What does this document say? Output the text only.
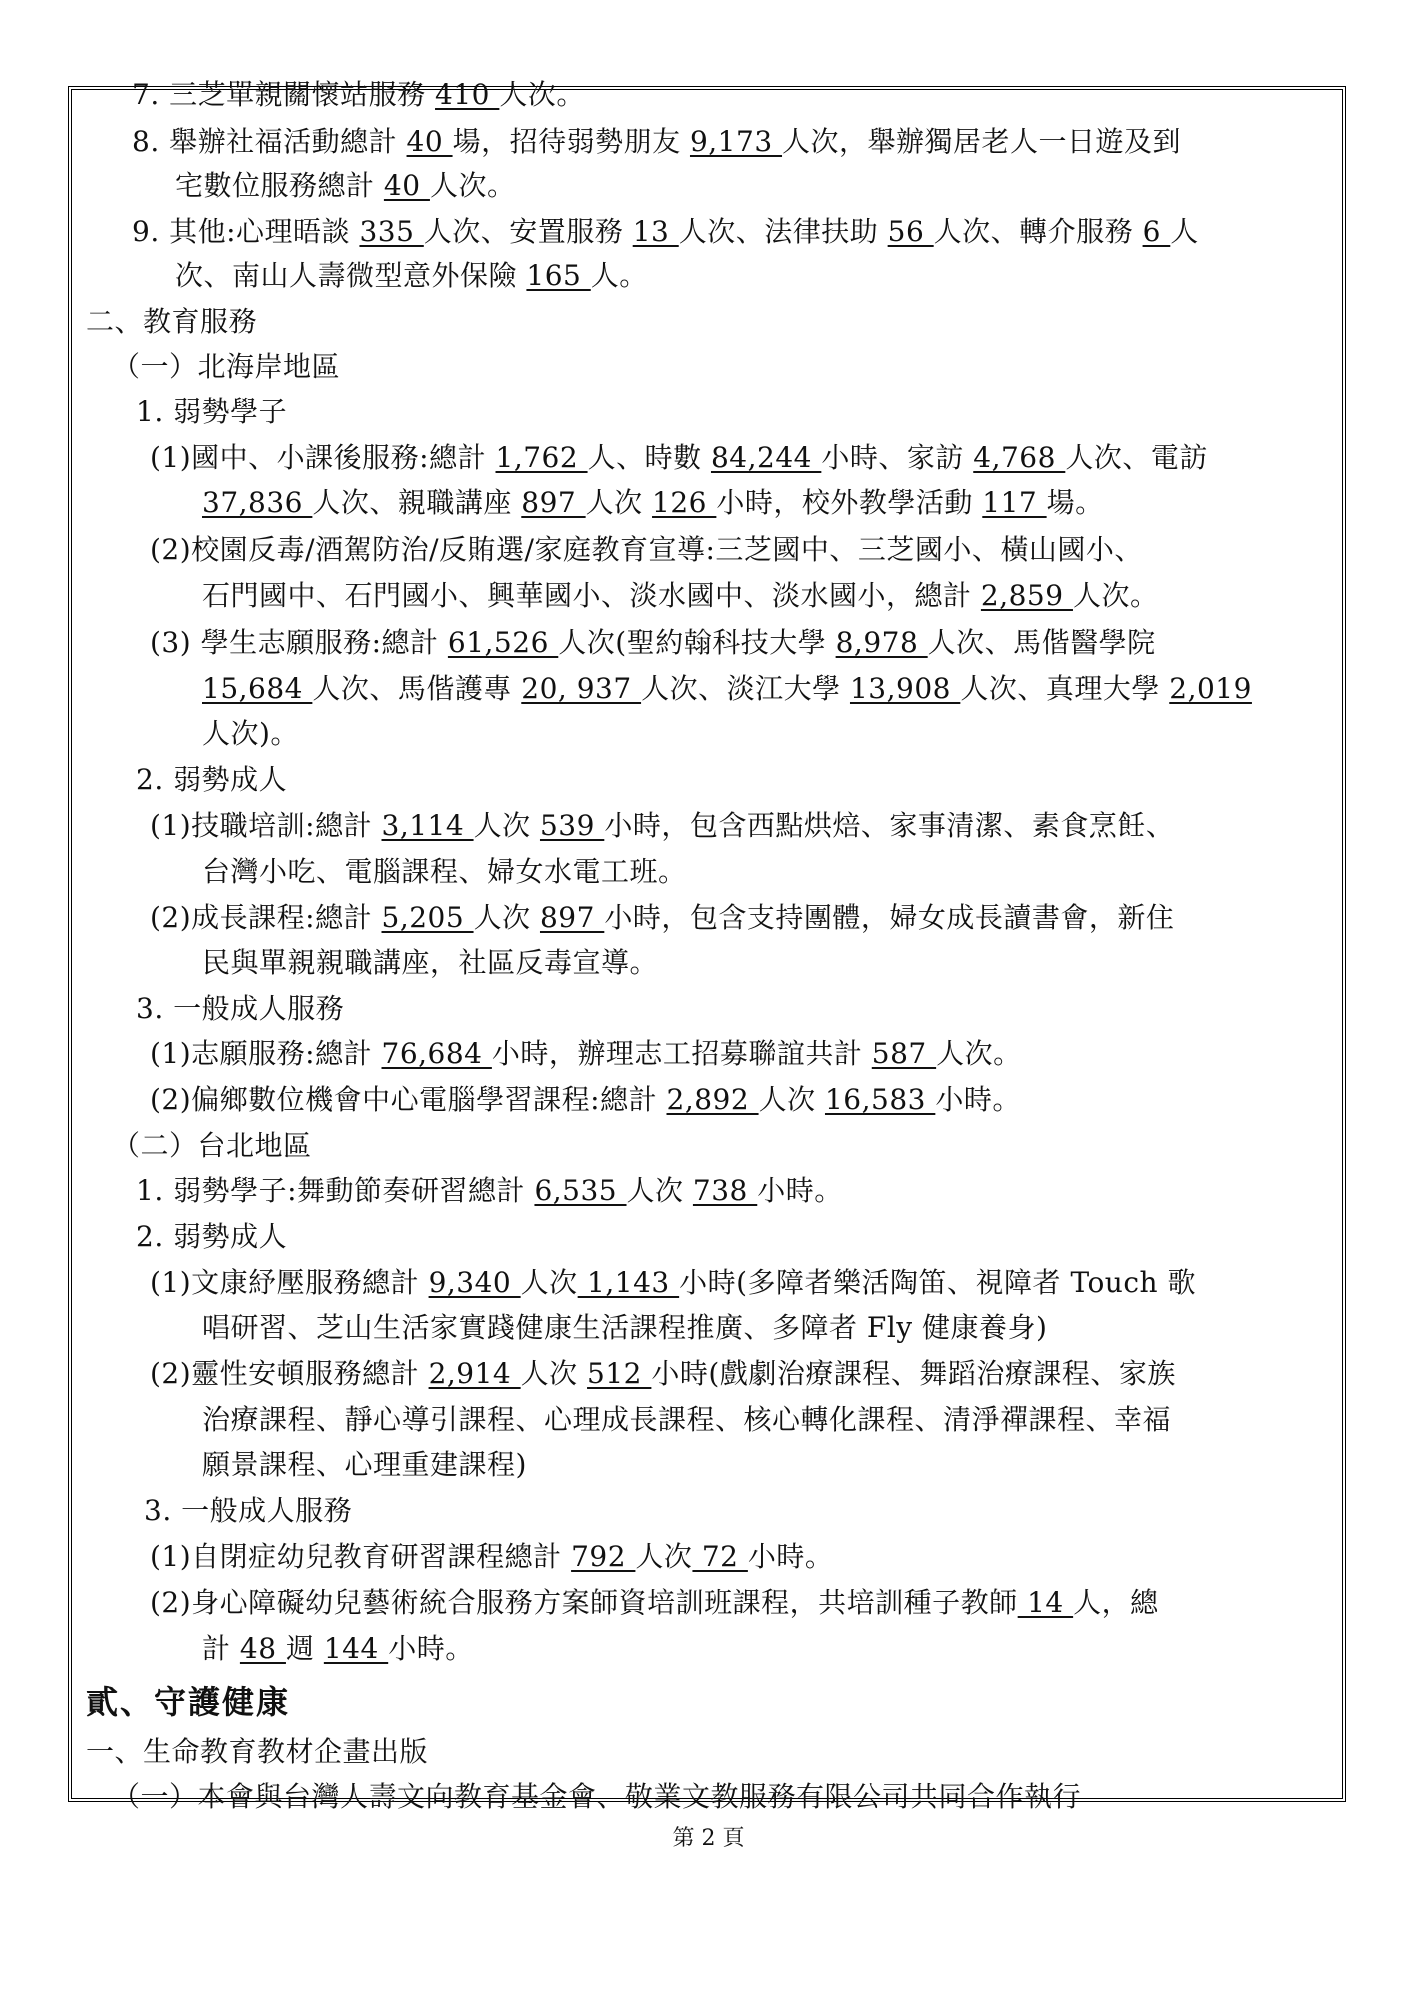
7. 三芝單親關懷站服務 410 人次。
8. 舉辦社福活動總計 40 場，招待弱勢朋友 9,173 人次，舉辦獨居老人一日遊及到
宅數位服務總計 40 人次。
9. 其他:心理晤談 335 人次、安置服務 13 人次、法律扶助 56 人次、轉介服務 6 人
次、南山人壽微型意外保險 165 人。
二、教育服務
（一）北海岸地區
1. 弱勢學子
(1)國中、小課後服務:總計 1,762 人、時數 84,244 小時、家訪 4,768 人次、電訪
37,836 人次、親職講座 897 人次 126 小時，校外教學活動 117 場。
(2)校園反毒/酒駕防治/反賄選/家庭教育宣導:三芝國中、三芝國小、橫山國小、
石門國中、石門國小、興華國小、淡水國中、淡水國小，總計 2,859 人次。
(3) 學生志願服務:總計 61,526 人次(聖約翰科技大學 8,978 人次、馬偕醫學院
15,684 人次、馬偕護專 20, 937 人次、淡江大學 13,908 人次、真理大學 2,019
人次)。
2. 弱勢成人
(1)技職培訓:總計 3,114 人次 539 小時，包含西點烘焙、家事清潔、素食烹飪、
台灣小吃、電腦課程、婦女水電工班。
(2)成長課程:總計 5,205 人次 897 小時，包含支持團體，婦女成長讀書會，新住
民與單親親職講座，社區反毒宣導。
3. 一般成人服務
(1)志願服務:總計 76,684 小時，辦理志工招募聯誼共計 587 人次。
(2)偏鄉數位機會中心電腦學習課程:總計 2,892 人次 16,583 小時。
（二）台北地區
1. 弱勢學子:舞動節奏研習總計 6,535 人次 738 小時。
2. 弱勢成人
(1)文康紓壓服務總計 9,340 人次 1,143 小時(多障者樂活陶笛、視障者 Touch 歌
唱研習、芝山生活家實踐健康生活課程推廣、多障者 Fly 健康養身)
(2)靈性安頓服務總計 2,914 人次 512 小時(戲劇治療課程、舞蹈治療課程、家族
治療課程、靜心導引課程、心理成長課程、核心轉化課程、清淨禪課程、幸福
願景課程、心理重建課程)
3. 一般成人服務
(1)自閉症幼兒教育研習課程總計 792 人次 72 小時。
(2)身心障礙幼兒藝術統合服務方案師資培訓班課程，共培訓種子教師 14 人，總
計 48 週 144 小時。
貳、守護健康
一、生命教育教材企畫出版
（一）本會與台灣人壽文向教育基金會、敬業文教服務有限公司共同合作執行
第 2 頁
